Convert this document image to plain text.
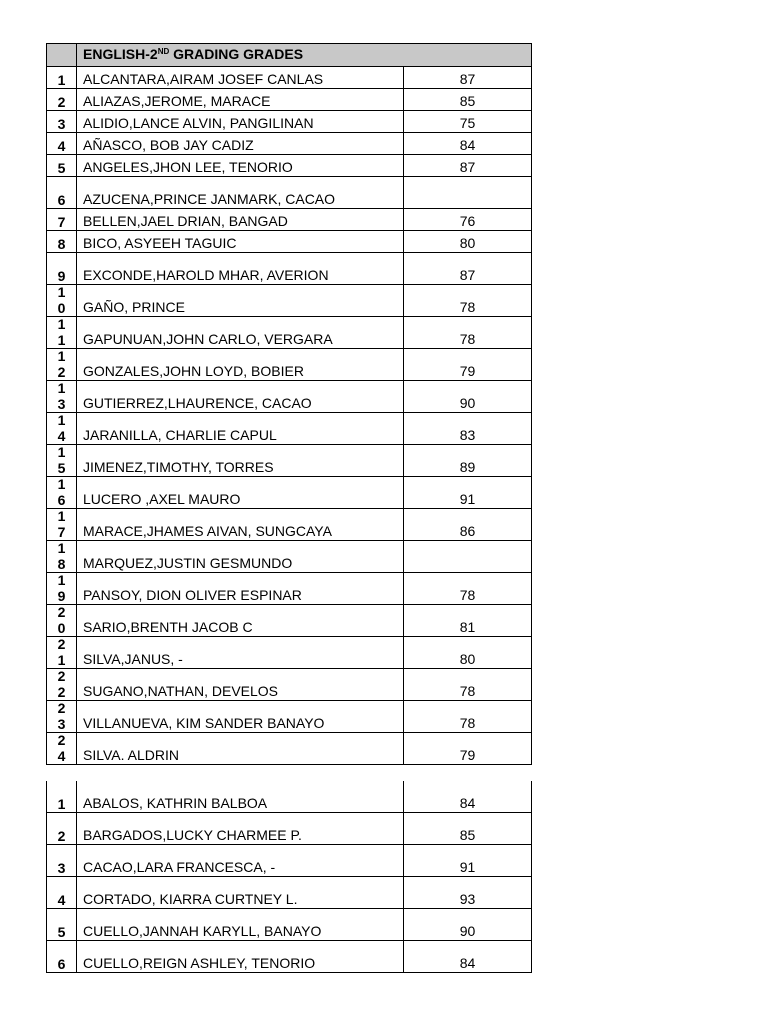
	ENGLISH-2ND GRADING GRADES	
1	ALCANTARA,AIRAM JOSEF CANLAS	87
2	ALIAZAS,JEROME, MARACE	85
3	ALIDIO,LANCE ALVIN, PANGILINAN	75
4	AÑASCO, BOB JAY CADIZ	84
5	ANGELES,JHON LEE, TENORIO	87
6	AZUCENA,PRINCE JANMARK, CACAO	
7	BELLEN,JAEL DRIAN, BANGAD	76
8	BICO, ASYEEH TAGUIC	80
9	EXCONDE,HAROLD MHAR, AVERION	87
10	GAÑO, PRINCE	78
11	GAPUNUAN,JOHN CARLO, VERGARA	78
12	GONZALES,JOHN LOYD, BOBIER	79
13	GUTIERREZ,LHAURENCE, CACAO	90
14	JARANILLA, CHARLIE CAPUL	83
15	JIMENEZ,TIMOTHY, TORRES	89
16	LUCERO ,AXEL MAURO	91
17	MARACE,JHAMES AIVAN, SUNGCAYA	86
18	MARQUEZ,JUSTIN GESMUNDO	
19	PANSOY, DION OLIVER ESPINAR	78
20	SARIO,BRENTH JACOB C	81
21	SILVA,JANUS, -	80
22	SUGANO,NATHAN, DEVELOS	78
23	VILLANUEVA, KIM SANDER BANAYO	78
24	SILVA. ALDRIN	79
1	ABALOS, KATHRIN BALBOA	84
2	BARGADOS,LUCKY CHARMEE P.	85
3	CACAO,LARA FRANCESCA, -	91
4	CORTADO, KIARRA CURTNEY L.	93
5	CUELLO,JANNAH KARYLL, BANAYO	90
6	CUELLO,REIGN ASHLEY, TENORIO	84
